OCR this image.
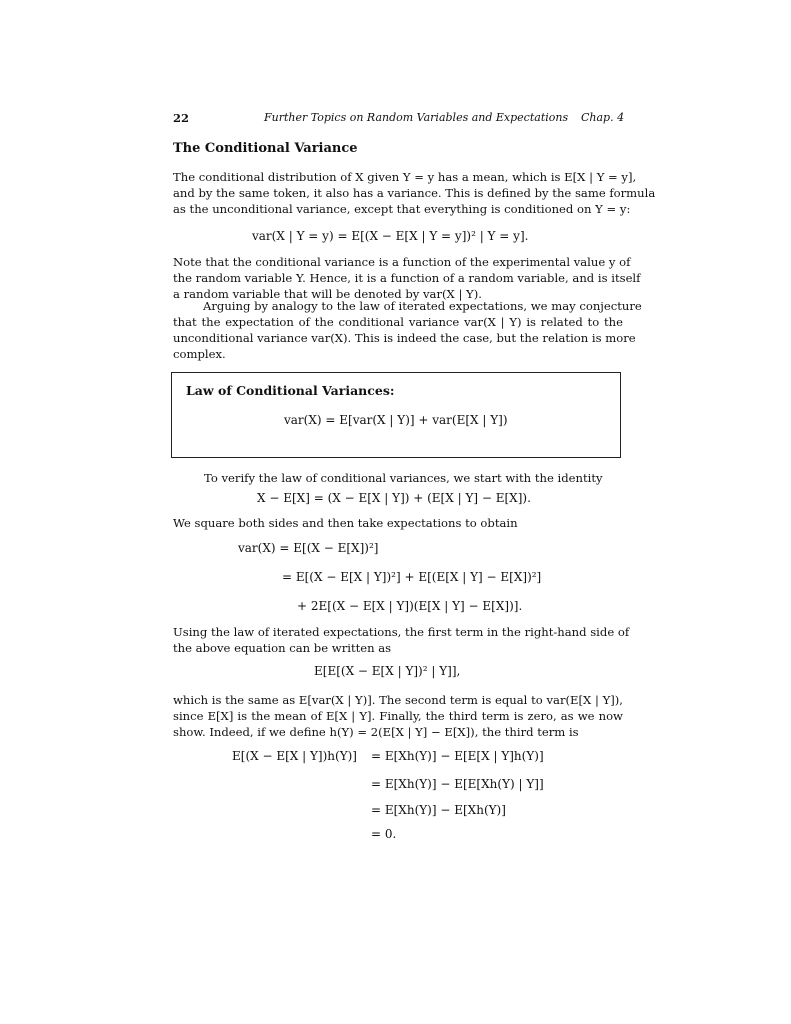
22	Further Topics on Random Variables and Expectations Chap. 4
The Conditional Variance
The conditional distribution of X given Y = y has a mean, which is E[X | Y = y],
and by the same token, it also has a variance. This is defined by the same formula
as the unconditional variance, except that everything is conditioned on Y = y:
var(X | Y = y) = E[(X − E[X | Y = y])² | Y = y].
Note that the conditional variance is a function of the experimental value y of
the random variable Y. Hence, it is a function of a random variable, and is itself
a random variable that will be denoted by var(X | Y).
Arguing by analogy to the law of iterated expectations, we may conjecture
that the expectation of the conditional variance var(X | Y) is related to the
unconditional variance var(X). This is indeed the case, but the relation is more
complex.
Law of Conditional Variances:
var(X) = E[var(X | Y)] + var(E[X | Y])
To verify the law of conditional variances, we start with the identity
X − E[X] = (X − E[X | Y]) + (E[X | Y] − E[X]).
We square both sides and then take expectations to obtain
var(X) = E[(X − E[X])²]
= E[(X − E[X | Y])²] + E[(E[X | Y] − E[X])²]
+ 2E[(X − E[X | Y])(E[X | Y] − E[X])].
Using the law of iterated expectations, the first term in the right-hand side of
the above equation can be written as
E[E[(X − E[X | Y])² | Y]],
which is the same as E[var(X | Y)]. The second term is equal to var(E[X | Y]),
since E[X] is the mean of E[X | Y]. Finally, the third term is zero, as we now
show. Indeed, if we define h(Y) = 2(E[X | Y] − E[X]), the third term is
E[(X − E[X | Y])h(Y)] = E[Xh(Y)] − E[E[X | Y]h(Y)]
= E[Xh(Y)] − E[E[Xh(Y) | Y]]
= E[Xh(Y)] − E[Xh(Y)]
= 0.
